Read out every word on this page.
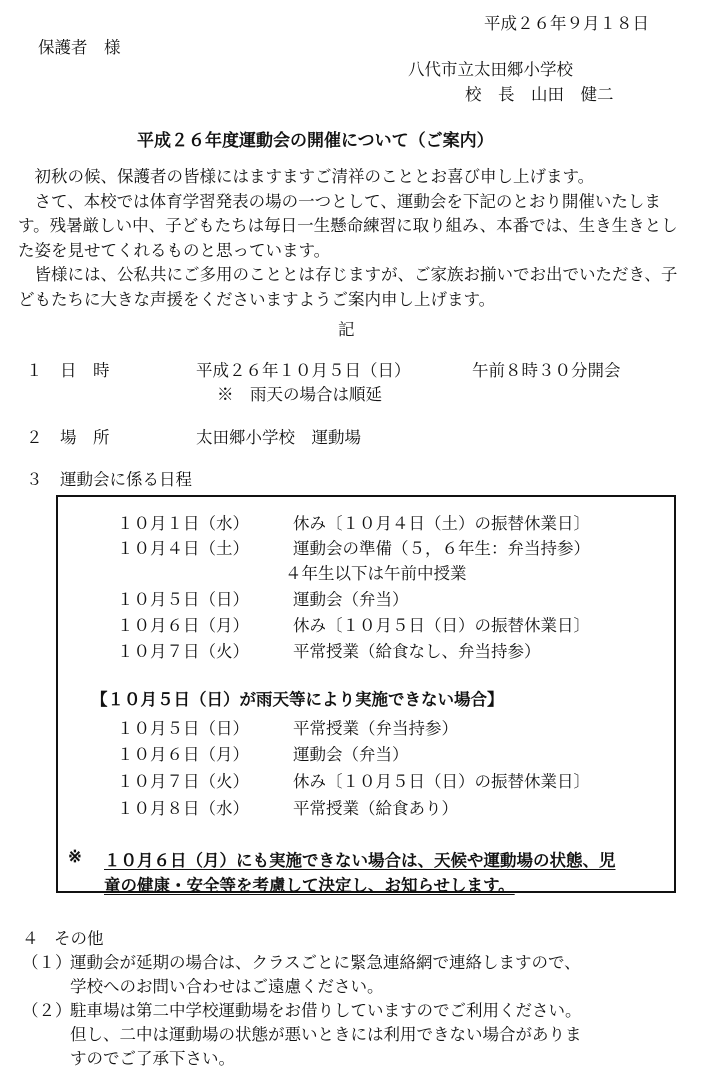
平成２６年９月１８日
保護者　様
八代市立太田郷小学校
校　長　山田　健二
平成２６年度運動会の開催について（ご案内）

初秋の候、保護者の皆様にはますますご清祥のこととお喜び申し上げます。

さて、本校では体育学習発表の場の一つとして、運動会を下記のとおり開催いたします。残暑厳しい中、子どもたちは毎日一生懸命練習に取り組み、本番では、生き生きとした姿を見せてくれるものと思っています。

皆様には、公私共にご多用のこととは存じますが、ご家族お揃いでお出でいただき、子どもたちに大きな声援をくださいますようご案内申し上げます。

記
１ 日　時	平成２６年１０月５日（日）	午前８時３０分開会
※　雨天の場合は順延
２ 場　所	太田郷小学校　運動場
３ 運動会に係る日程
１０月１日（水）	休み〔１０月４日（土）の振替休業日〕
１０月４日（土）	運動会の準備（５，６年生：弁当持参）
４年生以下は午前中授業
１０月５日（日）	運動会（弁当）
１０月６日（月）	休み〔１０月５日（日）の振替休業日〕
１０月７日（火）	平常授業（給食なし、弁当持参）
【１０月５日（日）が雨天等により実施できない場合】
１０月５日（日）	平常授業（弁当持参）
１０月６日（月）	運動会（弁当）
１０月７日（火）	休み〔１０月５日（日）の振替休業日〕
１０月８日（水）	平常授業（給食あり）
※ １０月６日（月）にも実施できない場合は、天候や運動場の状態、児
童の健康・安全等を考慮して決定し、お知らせします。
４ その他
（１）
運動会が延期の場合は、クラスごとに緊急連絡網で連絡しますので、
学校へのお問い合わせはご遠慮ください。
（２）
駐車場は第二中学校運動場をお借りしていますのでご利用ください。
但し、二中は運動場の状態が悪いときには利用できない場合がありま
すのでご了承下さい。
